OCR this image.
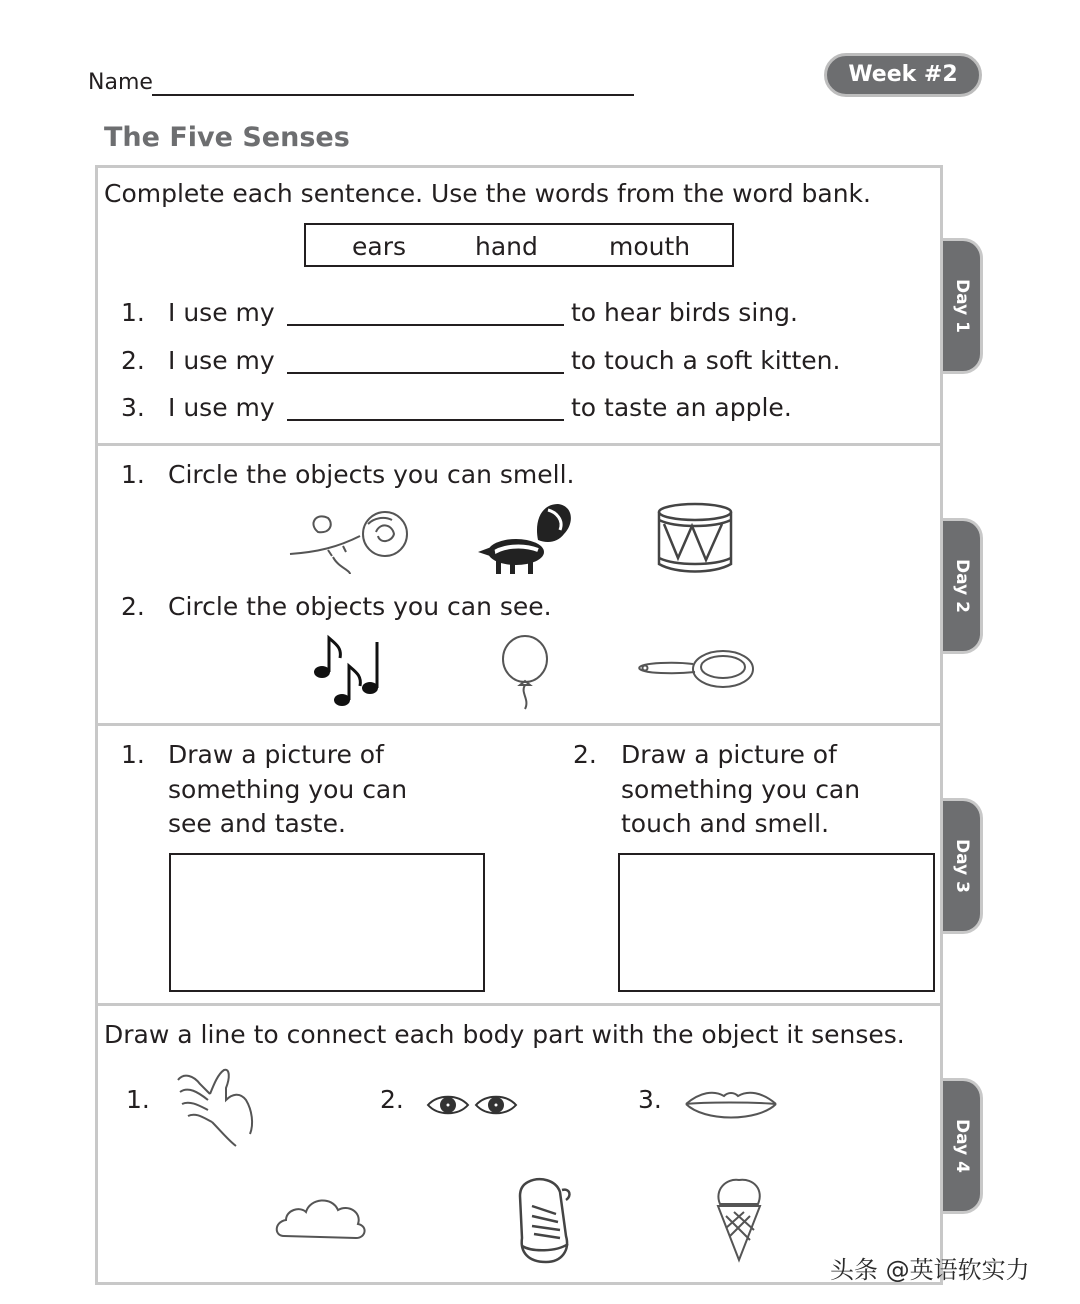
Name	Week #2
The Five Senses
Day 1
Day 2
Day 3
Day 4
Complete each sentence. Use the words from the word bank.
ears	hand	mouth
1. I use my	to hear birds sing.
2. I use my	to touch a soft kitten.
3. I use my	to taste an apple.
1. Circle the objects you can smell.
2. Circle the objects you can see.
1. Draw a picture of
something you can
see and taste.
2. Draw a picture of
something you can
touch and smell.
Draw a line to connect each body part with the object it senses.
1.	2.	3.
头条 @英语软实力
